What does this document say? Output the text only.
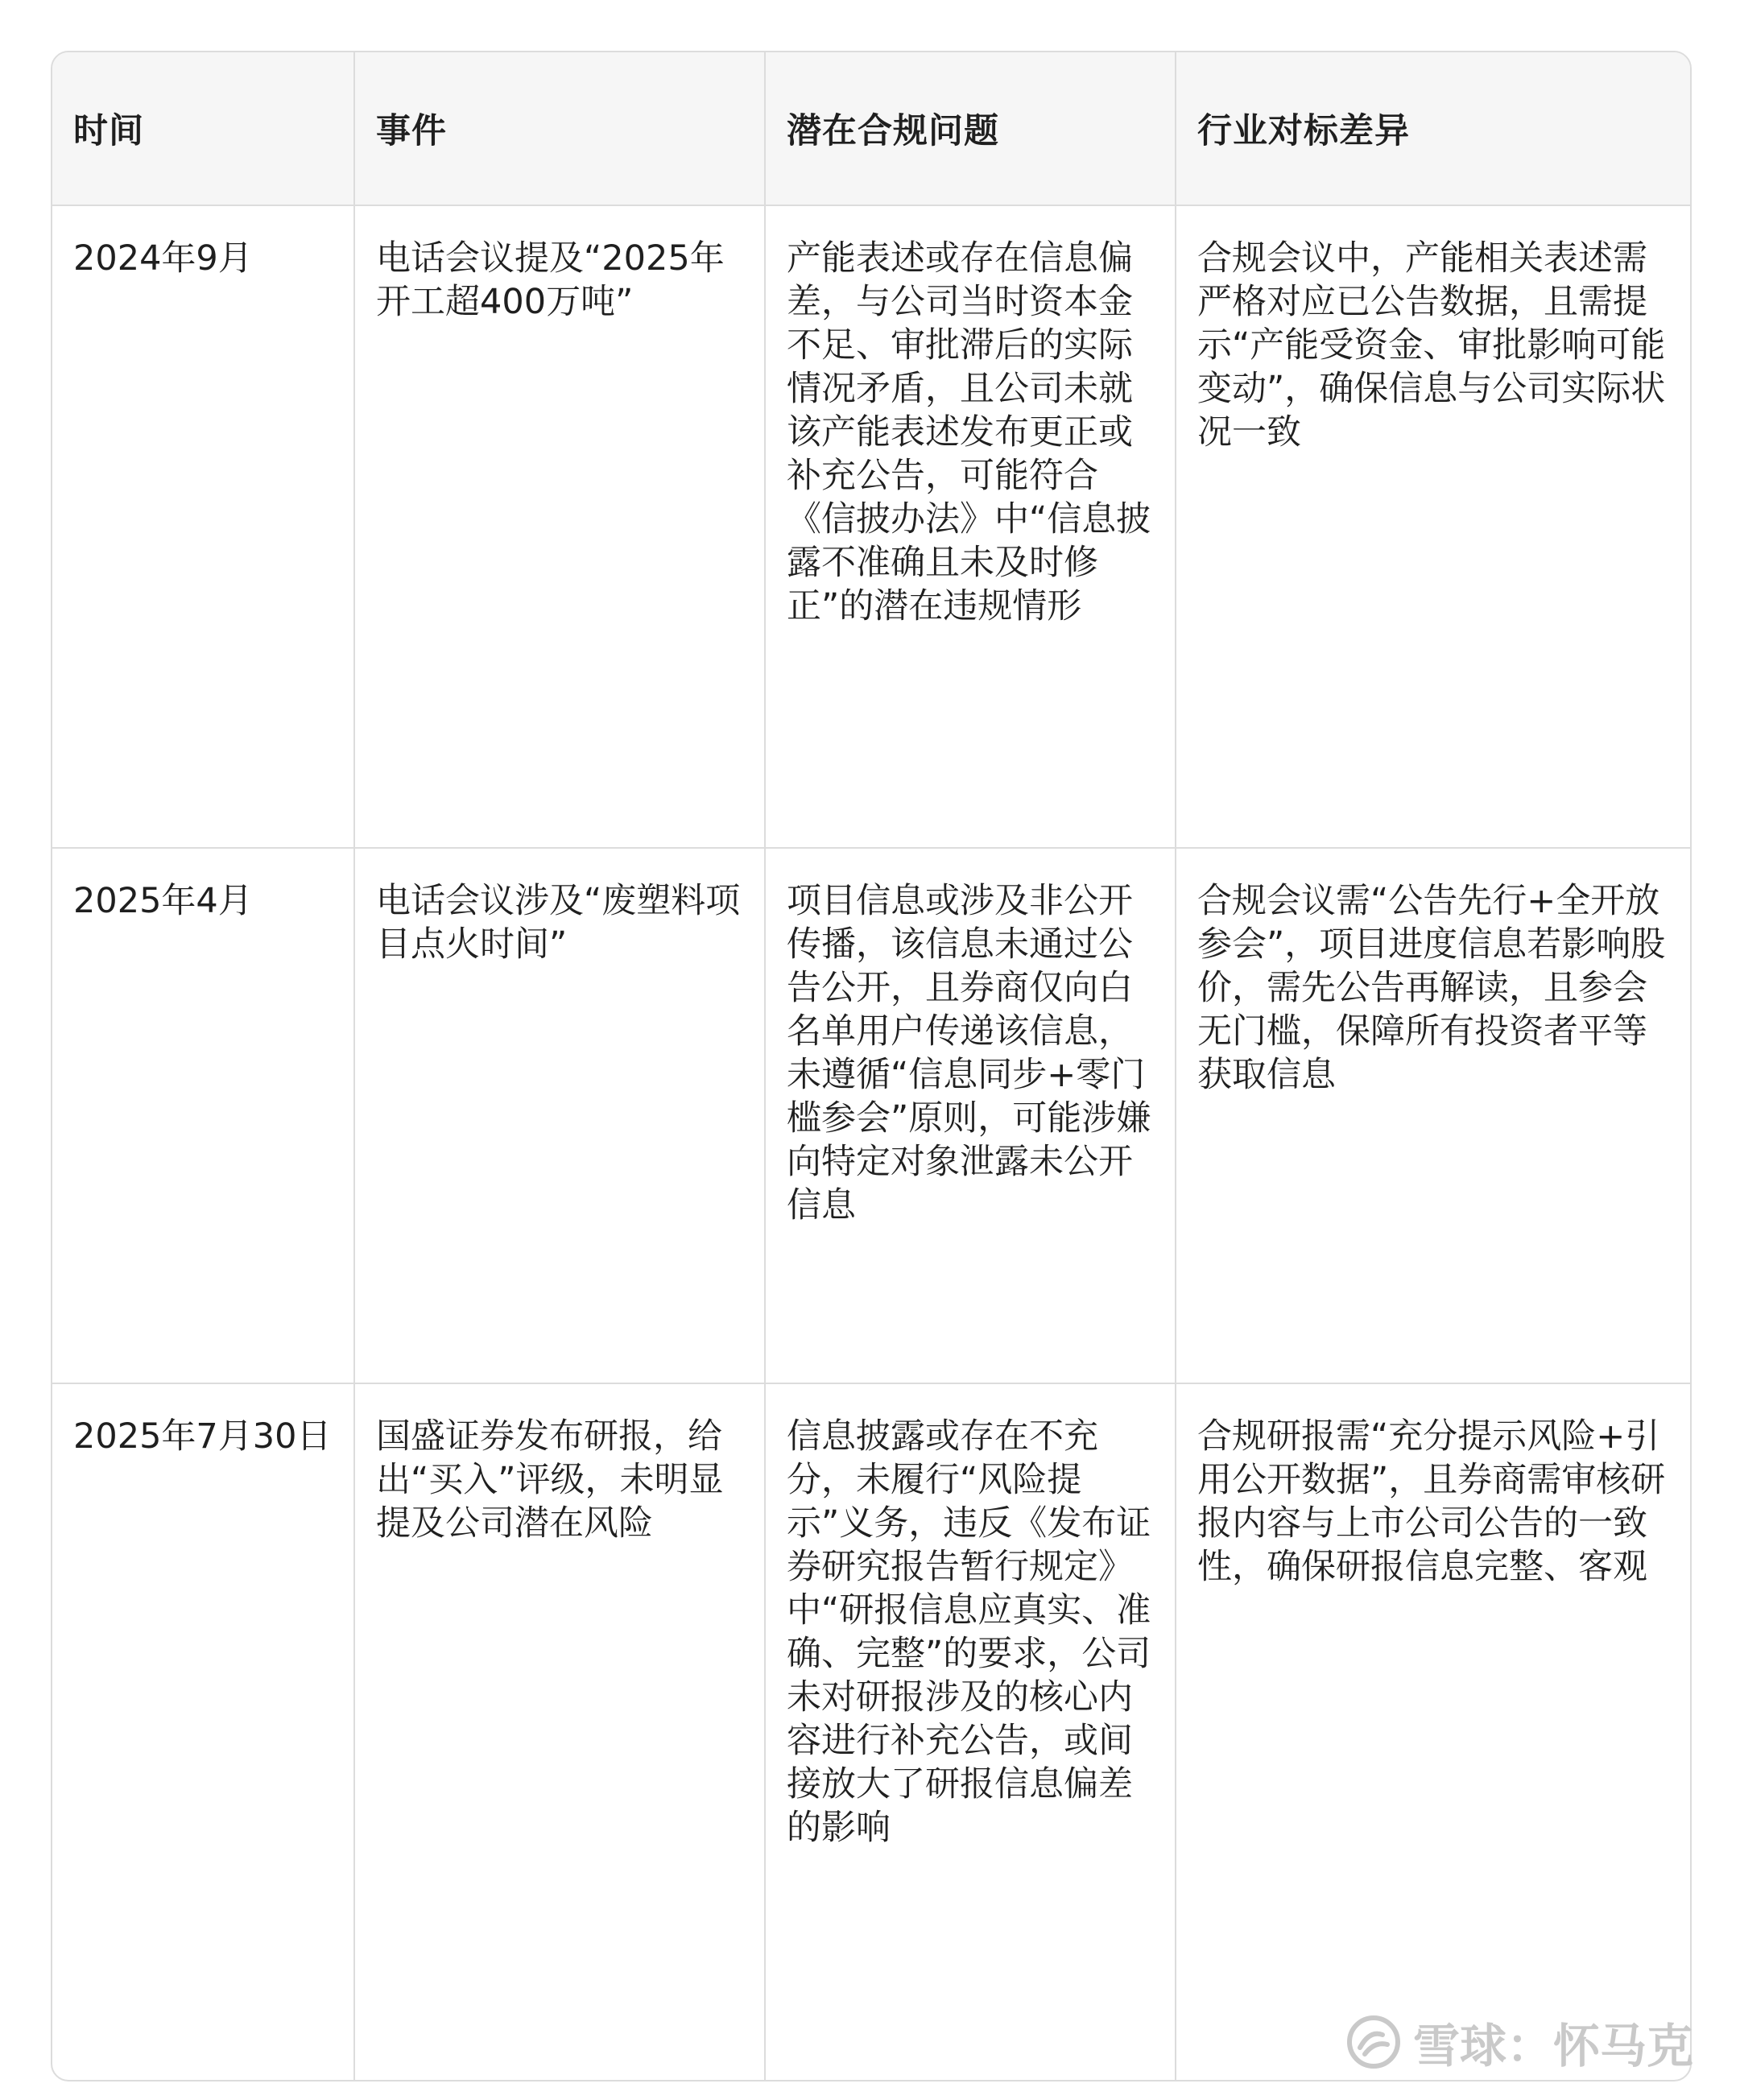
时间	事件	潜在合规问题	行业对标差异
2024年9月	电话会议提及“2025年开工超400万吨”	产能表述或存在信息偏差，与公司当时资本金不足、审批滞后的实际情况矛盾，且公司未就该产能表述发布更正或补充公告，可能符合《信披办法》中“信息披露不准确且未及时修正”的潜在违规情形	合规会议中，产能相关表述需严格对应已公告数据，且需提示“产能受资金、审批影响可能变动”，确保信息与公司实际状况一致
2025年4月	电话会议涉及“废塑料项目点火时间”	项目信息或涉及非公开传播，该信息未通过公告公开，且券商仅向白名单用户传递该信息，未遵循“信息同步+零门槛参会”原则，可能涉嫌向特定对象泄露未公开信息	合规会议需“公告先行+全开放参会”，项目进度信息若影响股价，需先公告再解读，且参会无门槛，保障所有投资者平等获取信息
2025年7月30日	国盛证券发布研报，给出“买入”评级，未明显提及公司潜在风险	信息披露或存在不充分，未履行“风险提示”义务，违反《发布证券研究报告暂行规定》中“研报信息应真实、准确、完整”的要求，公司未对研报涉及的核心内容进行补充公告，或间接放大了研报信息偏差的影响	合规研报需“充分提示风险+引用公开数据”，且券商需审核研报内容与上市公司公告的一致性，确保研报信息完整、客观
雪球：怀马克
